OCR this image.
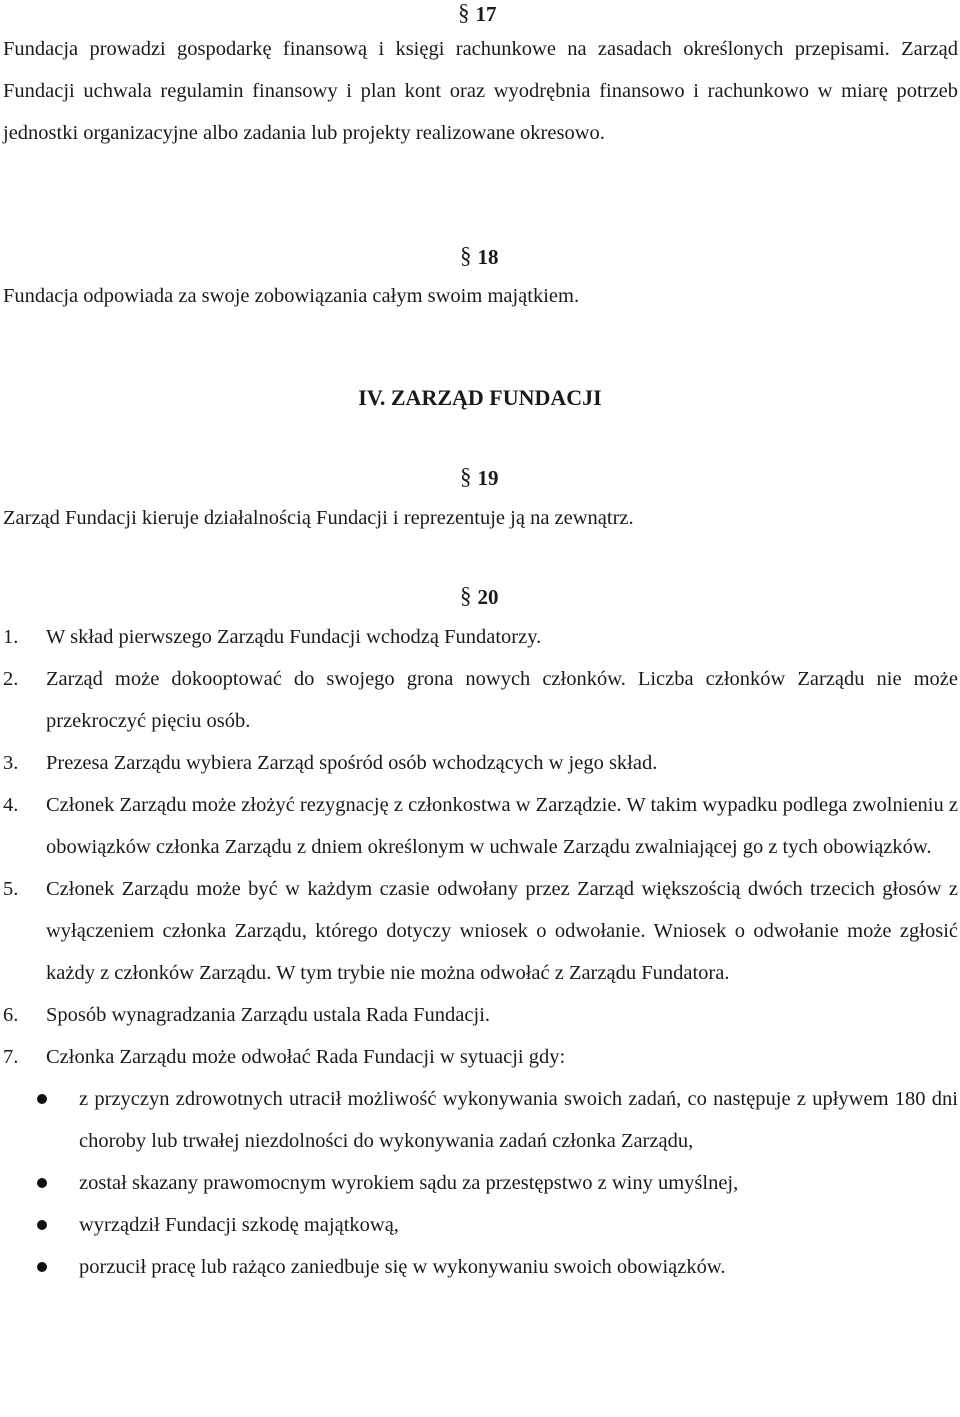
§ 17

Fundacja prowadzi gospodarkę finansową i księgi rachunkowe na zasadach określonych przepisami. Zarząd Fundacji uchwala regulamin finansowy i plan kont oraz wyodrębnia finansowo i rachunkowo w miarę potrzeb jednostki organizacyjne albo zadania lub projekty realizowane okresowo.

§ 18

Fundacja odpowiada za swoje zobowiązania całym swoim majątkiem.

IV. ZARZĄD FUNDACJI
§ 19

Zarząd Fundacji kieruje działalnością Fundacji i reprezentuje ją na zewnątrz.

§ 20
1. W skład pierwszego Zarządu Fundacji wchodzą Fundatorzy.
2. Zarząd może dokooptować do swojego grona nowych członków. Liczba członków Zarządu nie może przekroczyć pięciu osób.
3. Prezesa Zarządu wybiera Zarząd spośród osób wchodzących w jego skład.
4. Członek Zarządu może złożyć rezygnację z członkostwa w Zarządzie. W takim wypadku podlega zwolnieniu z obowiązków członka Zarządu z dniem określonym w uchwale Zarządu zwalniającej go z tych obowiązków.
5. Członek Zarządu może być w każdym czasie odwołany przez Zarząd większością dwóch trzecich głosów z wyłączeniem członka Zarządu, którego dotyczy wniosek o odwołanie. Wniosek o odwołanie może zgłosić każdy z członków Zarządu. W tym trybie nie można odwołać z Zarządu Fundatora.
6. Sposób wynagradzania Zarządu ustala Rada Fundacji.
7. Członka Zarządu może odwołać Rada Fundacji w sytuacji gdy:
z przyczyn zdrowotnych utracił możliwość wykonywania swoich zadań, co następuje z upływem 180 dni choroby lub trwałej niezdolności do wykonywania zadań członka Zarządu,
został skazany prawomocnym wyrokiem sądu za przestępstwo z winy umyślnej,
wyrządził Fundacji szkodę majątkową,
porzucił pracę lub rażąco zaniedbuje się w wykonywaniu swoich obowiązków.
